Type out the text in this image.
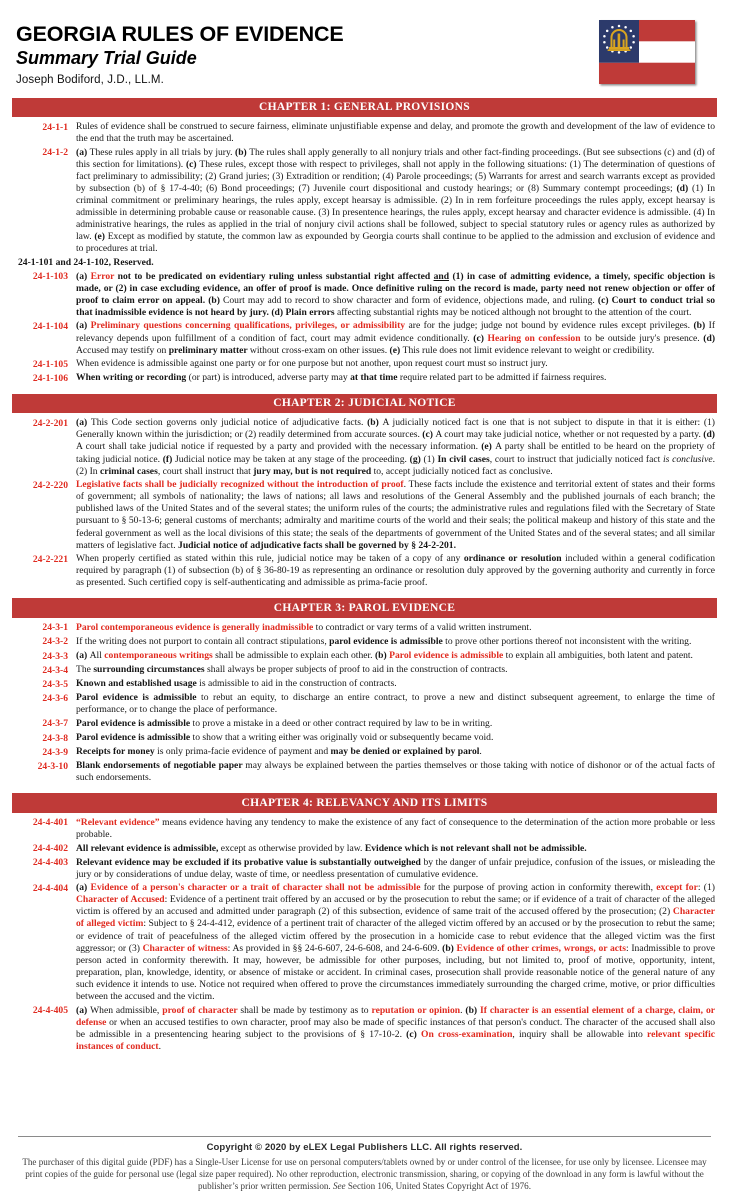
GEORGIA RULES OF EVIDENCE
Summary Trial Guide
Joseph Bodiford, J.D., LL.M.
CHAPTER 1: GENERAL PROVISIONS
24-1-1 Rules of evidence shall be construed to secure fairness, eliminate unjustifiable expense and delay, and promote the growth and development of the law of evidence to the end that the truth may be ascertained.
24-1-2 (a) These rules apply in all trials by jury. (b) The rules shall apply generally to all nonjury trials and other fact-finding proceedings. (But see subsections (c) and (d) of this section for limitations). (c) These rules, except those with respect to privileges, shall not apply in the following situations: (1) The determination of questions of fact preliminary to admissibility; (2) Grand juries; (3) Extradition or rendition; (4) Parole proceedings; (5) Warrants for arrest and search warrants except as provided by subsection (b) of § 17-4-40; (6) Bond proceedings; (7) Juvenile court dispositional and custody hearings; or (8) Summary contempt proceedings; (d) (1) In criminal commitment or preliminary hearings, the rules apply, except hearsay is admissible. (2) In in rem forfeiture proceedings the rules apply, except hearsay is admissible in determining probable cause or reasonable cause. (3) In presentence hearings, the rules apply, except hearsay and character evidence is admissible. (4) In administrative hearings, the rules as applied in the trial of nonjury civil actions shall be followed, subject to special statutory rules or agency rules as authorized by law. (e) Except as modified by statute, the common law as expounded by Georgia courts shall continue to be applied to the admission and exclusion of evidence and to procedures at trial.
24-1-101 and 24-1-102, Reserved.
24-1-103 (a) Error not to be predicated on evidentiary ruling unless substantial right affected and (1) in case of admitting evidence, a timely, specific objection is made, or (2) in case excluding evidence, an offer of proof is made. Once definitive ruling on the record is made, party need not renew objection or offer of proof to claim error on appeal. (b) Court may add to record to show character and form of evidence, objections made, and ruling. (c) Court to conduct trial so that inadmissible evidence is not heard by jury. (d) Plain errors affecting substantial rights may be noticed although not brought to the attention of the court.
24-1-104 (a) Preliminary questions concerning qualifications, privileges, or admissibility are for the judge; judge not bound by evidence rules except privileges. (b) If relevancy depends upon fulfillment of a condition of fact, court may admit evidence conditionally. (c) Hearing on confession to be outside jury's presence. (d) Accused may testify on preliminary matter without cross-exam on other issues. (e) This rule does not limit evidence relevant to weight or credibility.
24-1-105 When evidence is admissible against one party or for one purpose but not another, upon request court must so instruct jury.
24-1-106 When writing or recording (or part) is introduced, adverse party may at that time require related part to be admitted if fairness requires.
CHAPTER 2: JUDICIAL NOTICE
24-2-201 (a) This Code section governs only judicial notice of adjudicative facts. (b) A judicially noticed fact is one that is not subject to dispute in that it is either: (1) Generally known within the jurisdiction; or (2) readily determined from accurate sources. (c) A court may take judicial notice, whether or not requested by a party. (d) A court shall take judicial notice if requested by a party and provided with the necessary information. (e) A party shall be entitled to be heard on the propriety of taking judicial notice. (f) Judicial notice may be taken at any stage of the proceeding. (g) (1) In civil cases, court to instruct that judicially noticed fact is conclusive. (2) In criminal cases, court shall instruct that jury may, but is not required to, accept judicially noticed fact as conclusive.
24-2-220 Legislative facts shall be judicially recognized without the introduction of proof. These facts include the existence and territorial extent of states and their forms of government; all symbols of nationality; the laws of nations; all laws and resolutions of the General Assembly and the published journals of each branch; the published laws of the United States and of the several states; the uniform rules of the courts; the administrative rules and regulations filed with the Secretary of State pursuant to § 50-13-6; general customs of merchants; admiralty and maritime courts of the world and their seals; the political makeup and history of this state and the federal government as well as the local divisions of this state; the seals of the departments of government of the United States and of the several states; and all similar matters of legislative fact. Judicial notice of adjudicative facts shall be governed by § 24-2-201.
24-2-221 When properly certified as stated within this rule, judicial notice may be taken of a copy of any ordinance or resolution included within a general codification required by paragraph (1) of subsection (b) of § 36-80-19 as representing an ordinance or resolution duly approved by the governing authority and currently in force as presented. Such certified copy is self-authenticating and admissible as prima-facie proof.
CHAPTER 3: PAROL EVIDENCE
24-3-1 Parol contemporaneous evidence is generally inadmissible to contradict or vary terms of a valid written instrument.
24-3-2 If the writing does not purport to contain all contract stipulations, parol evidence is admissible to prove other portions thereof not inconsistent with the writing.
24-3-3 (a) All contemporaneous writings shall be admissible to explain each other. (b) Parol evidence is admissible to explain all ambiguities, both latent and patent.
24-3-4 The surrounding circumstances shall always be proper subjects of proof to aid in the construction of contracts.
24-3-5 Known and established usage is admissible to aid in the construction of contracts.
24-3-6 Parol evidence is admissible to rebut an equity, to discharge an entire contract, to prove a new and distinct subsequent agreement, to enlarge the time of performance, or to change the place of performance.
24-3-7 Parol evidence is admissible to prove a mistake in a deed or other contract required by law to be in writing.
24-3-8 Parol evidence is admissible to show that a writing either was originally void or subsequently became void.
24-3-9 Receipts for money is only prima-facie evidence of payment and may be denied or explained by parol.
24-3-10 Blank endorsements of negotiable paper may always be explained between the parties themselves or those taking with notice of dishonor or of the actual facts of such endorsements.
CHAPTER 4: RELEVANCY AND ITS LIMITS
24-4-401 “Relevant evidence” means evidence having any tendency to make the existence of any fact of consequence to the determination of the action more probable or less probable.
24-4-402 All relevant evidence is admissible, except as otherwise provided by law. Evidence which is not relevant shall not be admissible.
24-4-403 Relevant evidence may be excluded if its probative value is substantially outweighed by the danger of unfair prejudice, confusion of the issues, or misleading the jury or by considerations of undue delay, waste of time, or needless presentation of cumulative evidence.
24-4-404 (a) Evidence of a person's character or a trait of character shall not be admissible for the purpose of proving action in conformity therewith, except for: (1) Character of Accused: Evidence of a pertinent trait offered by an accused or by the prosecution to rebut the same; or if evidence of a trait of character of the alleged victim is offered by an accused and admitted under paragraph (2) of this subsection, evidence of same trait of the accused offered by the prosecution; (2) Character of alleged victim: Subject to § 24-4-412, evidence of a pertinent trait of character of the alleged victim offered by an accused or by the prosecution to rebut the same; or evidence of trait of peacefulness of the alleged victim offered by the prosecution in a homicide case to rebut evidence that the alleged victim was the first aggressor; or (3) Character of witness: As provided in §§ 24-6-607, 24-6-608, and 24-6-609. (b) Evidence of other crimes, wrongs, or acts: Inadmissible to prove person acted in conformity therewith. It may, however, be admissible for other purposes, including, but not limited to, proof of motive, opportunity, intent, preparation, plan, knowledge, identity, or absence of mistake or accident. In criminal cases, prosecution shall provide reasonable notice of the general nature of any such evidence it intends to use. Notice not required when offered to prove the circumstances immediately surrounding the charged crime, motive, or prior difficulties between the accused and the victim.
24-4-405 (a) When admissible, proof of character shall be made by testimony as to reputation or opinion. (b) If character is an essential element of a charge, claim, or defense or when an accused testifies to own character, proof may also be made of specific instances of that person's conduct. The character of the accused shall also be admissible in a presentencing hearing subject to the provisions of § 17-10-2. (c) On cross-examination, inquiry shall be allowable into relevant specific instances of conduct.
Copyright © 2020 by eLEX Legal Publishers LLC. All rights reserved.
The purchaser of this digital guide (PDF) has a Single-User License for use on personal computers/tablets owned by or under control of the licensee, for use only by licensee. Licensee may print copies of the guide for personal use (legal size paper required). No other reproduction, electronic transmission, sharing, or copying of the download in any form is lawful without the publisher’s prior written permission. See Section 106, United States Copyright Act of 1976.
